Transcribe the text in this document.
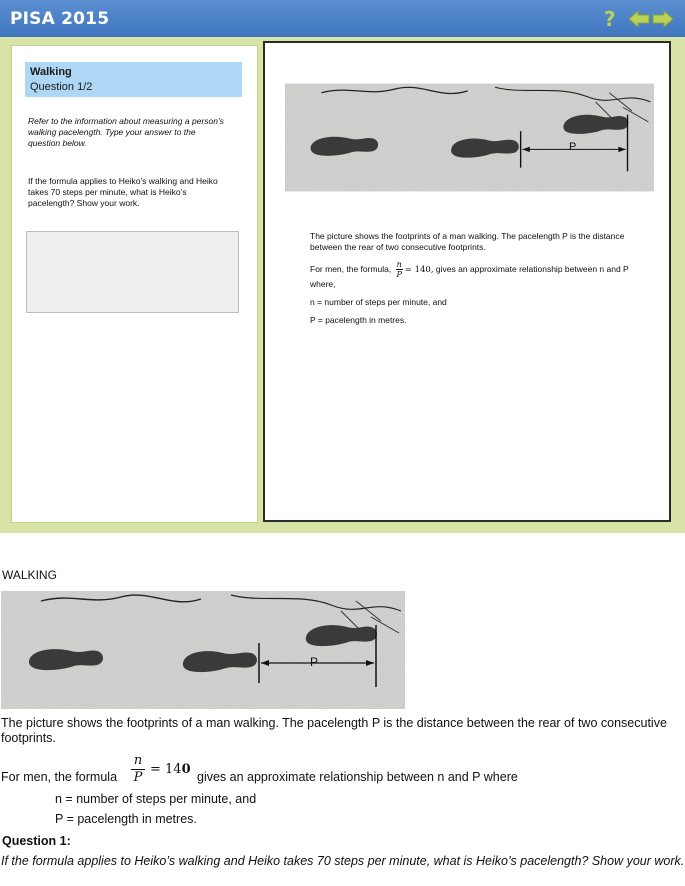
PISA 2015	?
Walking
Question 1/2
Refer to the information about measuring a person’s walking pacelength. Type your answer to the question below.
If the formula applies to Heiko’s walking and Heiko takes 70 steps per minute, what is Heiko’s pacelength? Show your work.
P

The picture shows the footprints of a man walking. The pacelength P is the distance between the rear of two consecutive footprints.

For men, the formula, $\frac{n}{P} = 140$, gives an approximate relationship between n and P where,

n = number of steps per minute, and

P = pacelength in metres.

WALKING
P
The picture shows the footprints of a man walking. The pacelength P is the distance between the rear of two consecutive footprints.
For men, the formula $\frac{n}{P} = 140$ gives an approximate relationship between n and P where
n = number of steps per minute, and
P = pacelength in metres.
Question 1:
If the formula applies to Heiko’s walking and Heiko takes 70 steps per minute, what is Heiko’s pacelength? Show your work.
